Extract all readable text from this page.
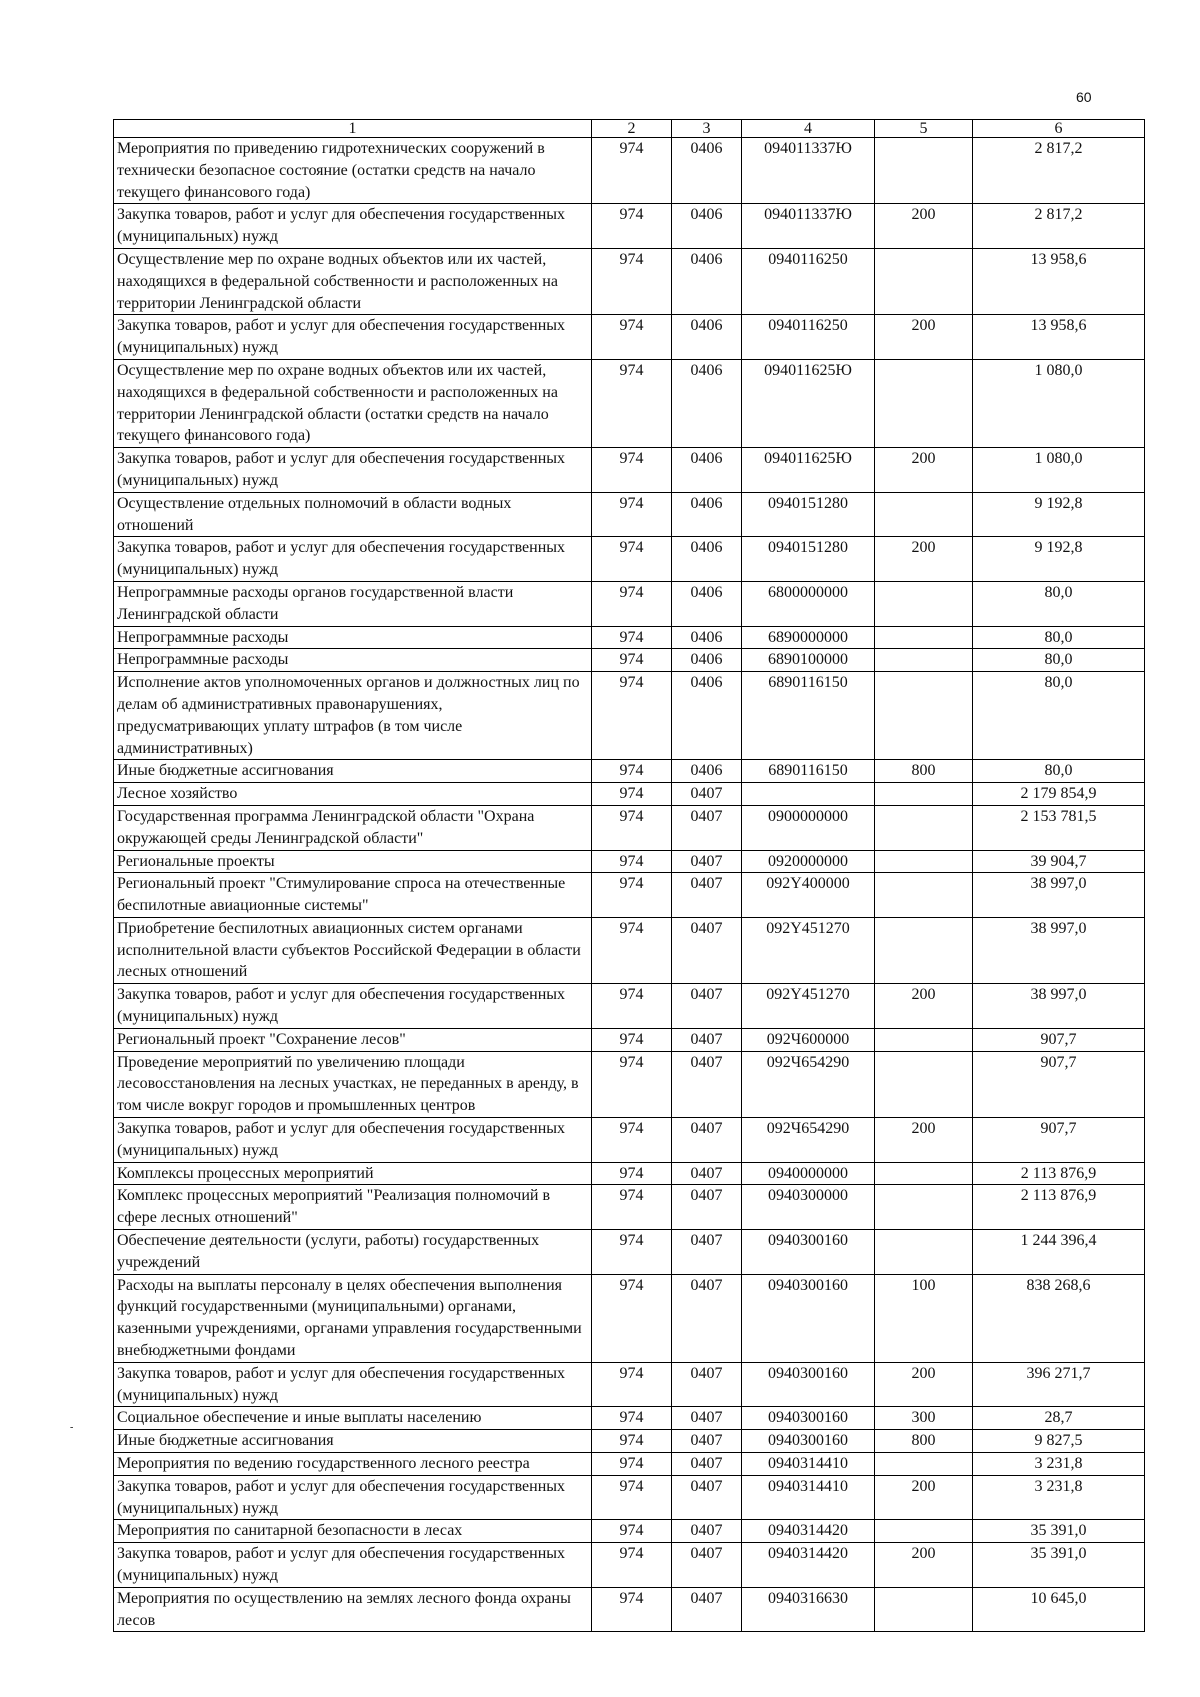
60
1	2	3	4	5	6
Мероприятия по приведению гидротехнических сооружений в технически безопасное состояние (остатки средств на начало текущего финансового года)	974	0406	094011337Ю		2 817,2
Закупка товаров, работ и услуг для обеспечения государственных (муниципальных) нужд	974	0406	094011337Ю	200	2 817,2
Осуществление мер по охране водных объектов или их частей, находящихся в федеральной собственности и расположенных на территории Ленинградской области	974	0406	0940116250		13 958,6
Закупка товаров, работ и услуг для обеспечения государственных (муниципальных) нужд	974	0406	0940116250	200	13 958,6
Осуществление мер по охране водных объектов или их частей, находящихся в федеральной собственности и расположенных на территории Ленинградской области (остатки средств на начало текущего финансового года)	974	0406	094011625Ю		1 080,0
Закупка товаров, работ и услуг для обеспечения государственных (муниципальных) нужд	974	0406	094011625Ю	200	1 080,0
Осуществление отдельных полномочий в области водных отношений	974	0406	0940151280		9 192,8
Закупка товаров, работ и услуг для обеспечения государственных (муниципальных) нужд	974	0406	0940151280	200	9 192,8
Непрограммные расходы органов государственной власти Ленинградской области	974	0406	6800000000		80,0
Непрограммные расходы	974	0406	6890000000		80,0
Непрограммные расходы	974	0406	6890100000		80,0
Исполнение актов уполномоченных органов и должностных лиц по делам об административных правонарушениях, предусматривающих уплату штрафов (в том числе административных)	974	0406	6890116150		80,0
Иные бюджетные ассигнования	974	0406	6890116150	800	80,0
Лесное хозяйство	974	0407			2 179 854,9
Государственная программа Ленинградской области "Охрана окружающей среды Ленинградской области"	974	0407	0900000000		2 153 781,5
Региональные проекты	974	0407	0920000000		39 904,7
Региональный проект "Стимулирование спроса на отечественные беспилотные авиационные системы"	974	0407	092Y400000		38 997,0
Приобретение беспилотных авиационных систем органами исполнительной власти субъектов Российской Федерации в области лесных отношений	974	0407	092Y451270		38 997,0
Закупка товаров, работ и услуг для обеспечения государственных (муниципальных) нужд	974	0407	092Y451270	200	38 997,0
Региональный проект "Сохранение лесов"	974	0407	092Ч600000		907,7
Проведение мероприятий по увеличению площади лесовосстановления на лесных участках, не переданных в аренду, в том числе вокруг городов и промышленных центров	974	0407	092Ч654290		907,7
Закупка товаров, работ и услуг для обеспечения государственных (муниципальных) нужд	974	0407	092Ч654290	200	907,7
Комплексы процессных мероприятий	974	0407	0940000000		2 113 876,9
Комплекс процессных мероприятий "Реализация полномочий в сфере лесных отношений"	974	0407	0940300000		2 113 876,9
Обеспечение деятельности (услуги, работы) государственных учреждений	974	0407	0940300160		1 244 396,4
Расходы на выплаты персоналу в целях обеспечения выполнения функций государственными (муниципальными) органами, казенными учреждениями, органами управления государственными внебюджетными фондами	974	0407	0940300160	100	838 268,6
Закупка товаров, работ и услуг для обеспечения государственных (муниципальных) нужд	974	0407	0940300160	200	396 271,7
Социальное обеспечение и иные выплаты населению	974	0407	0940300160	300	28,7
Иные бюджетные ассигнования	974	0407	0940300160	800	9 827,5
Мероприятия по ведению государственного лесного реестра	974	0407	0940314410		3 231,8
Закупка товаров, работ и услуг для обеспечения государственных (муниципальных) нужд	974	0407	0940314410	200	3 231,8
Мероприятия по санитарной безопасности в лесах	974	0407	0940314420		35 391,0
Закупка товаров, работ и услуг для обеспечения государственных (муниципальных) нужд	974	0407	0940314420	200	35 391,0
Мероприятия по осуществлению на землях лесного фонда охраны лесов	974	0407	0940316630		10 645,0
-
